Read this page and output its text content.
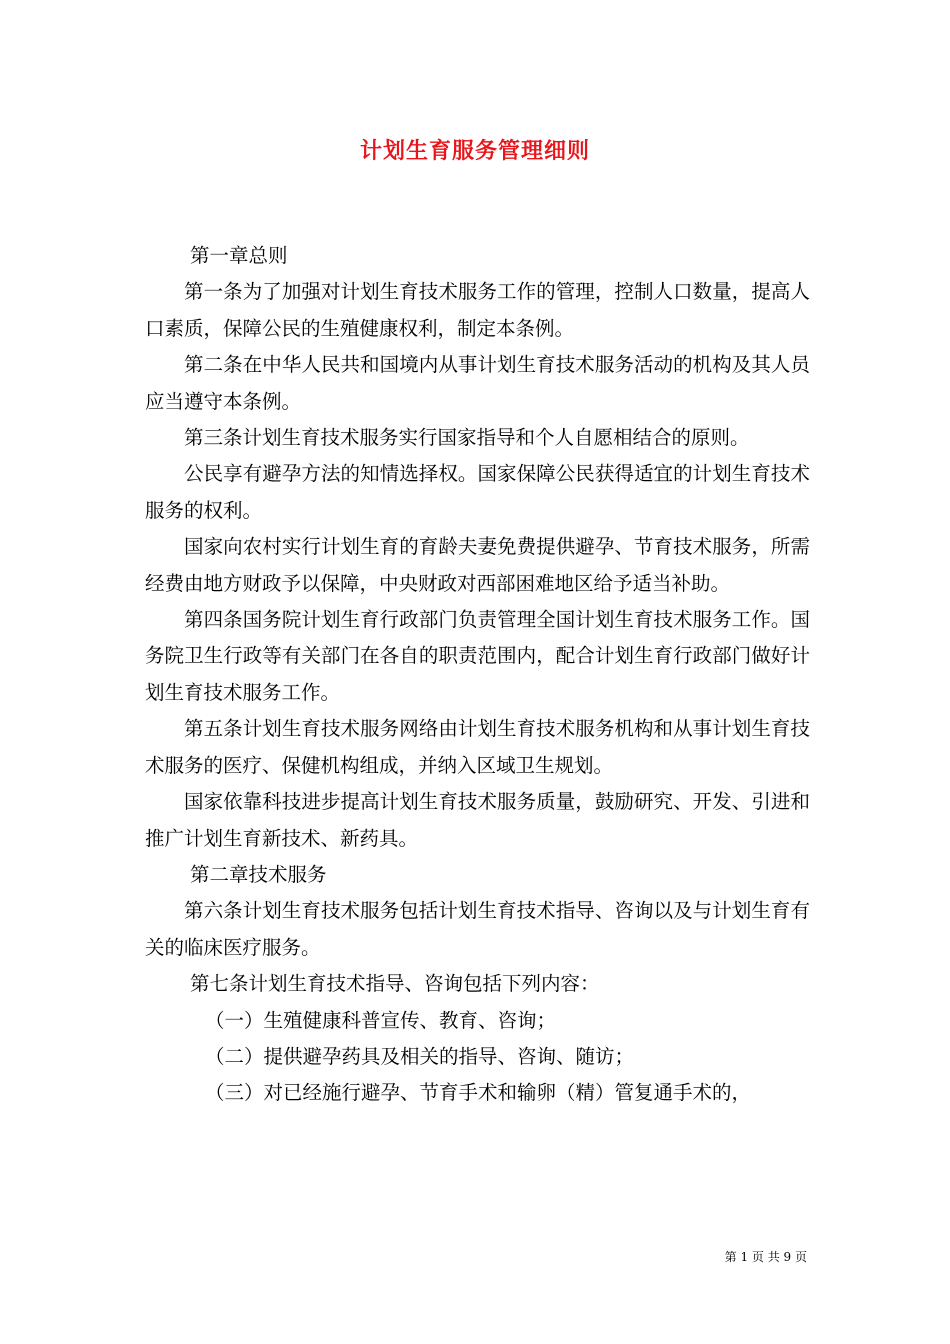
计划生育服务管理细则

第一章总则

第一条为了加强对计划生育技术服务工作的管理，控制人口数量，提高人口素质，保障公民的生殖健康权利，制定本条例。

第二条在中华人民共和国境内从事计划生育技术服务活动的机构及其人员应当遵守本条例。

第三条计划生育技术服务实行国家指导和个人自愿相结合的原则。

公民享有避孕方法的知情选择权。国家保障公民获得适宜的计划生育技术服务的权利。

国家向农村实行计划生育的育龄夫妻免费提供避孕、节育技术服务，所需经费由地方财政予以保障，中央财政对西部困难地区给予适当补助。

第四条国务院计划生育行政部门负责管理全国计划生育技术服务工作。国务院卫生行政等有关部门在各自的职责范围内，配合计划生育行政部门做好计划生育技术服务工作。

第五条计划生育技术服务网络由计划生育技术服务机构和从事计划生育技术服务的医疗、保健机构组成，并纳入区域卫生规划。

国家依靠科技进步提高计划生育技术服务质量，鼓励研究、开发、引进和推广计划生育新技术、新药具。

第二章技术服务

第六条计划生育技术服务包括计划生育技术指导、咨询以及与计划生育有关的临床医疗服务。

第七条计划生育技术指导、咨询包括下列内容：

（一）生殖健康科普宣传、教育、咨询；

（二）提供避孕药具及相关的指导、咨询、随访；

（三）对已经施行避孕、节育手术和输卵（精）管复通手术的，

第 1 页 共 9 页
